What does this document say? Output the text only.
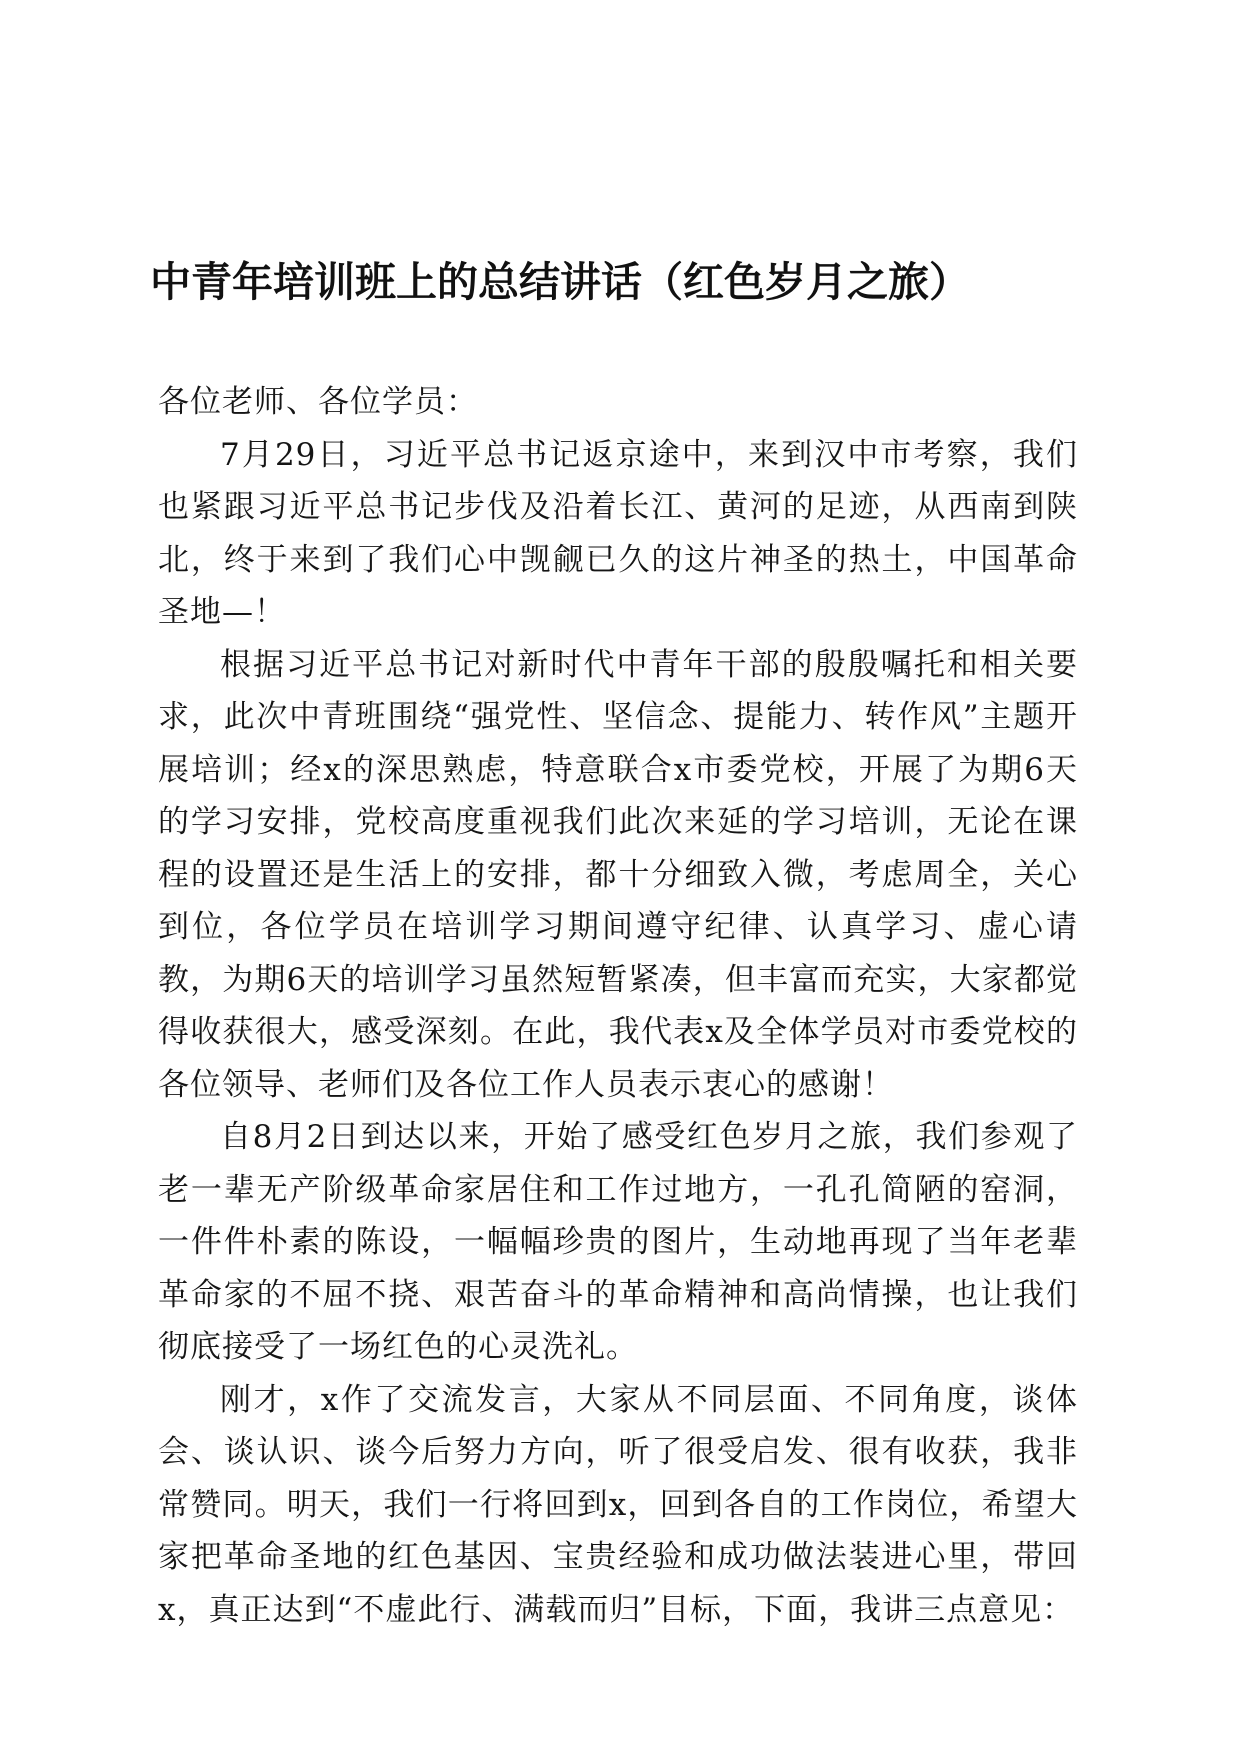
中青年培训班上的总结讲话（红色岁月之旅）

各位老师、各位学员：

7月29日，习近平总书记返京途中，来到汉中市考察，我们也紧跟习近平总书记步伐及沿着长江、黄河的足迹，从西南到陕北，终于来到了我们心中觊觎已久的这片神圣的热土，中国革命圣地—！

根据习近平总书记对新时代中青年干部的殷殷嘱托和相关要求，此次中青班围绕“强党性、坚信念、提能力、转作风”主题开展培训；经x的深思熟虑，特意联合x市委党校，开展了为期6天的学习安排，党校高度重视我们此次来延的学习培训，无论在课程的设置还是生活上的安排，都十分细致入微，考虑周全，关心到位，各位学员在培训学习期间遵守纪律、认真学习、虚心请教，为期6天的培训学习虽然短暂紧凑，但丰富而充实，大家都觉得收获很大，感受深刻。在此，我代表x及全体学员对市委党校的各位领导、老师们及各位工作人员表示衷心的感谢！

自8月2日到达以来，开始了感受红色岁月之旅，我们参观了老一辈无产阶级革命家居住和工作过地方，一孔孔简陋的窑洞，一件件朴素的陈设，一幅幅珍贵的图片，生动地再现了当年老辈革命家的不屈不挠、艰苦奋斗的革命精神和高尚情操，也让我们彻底接受了一场红色的心灵洗礼。

刚才，x作了交流发言，大家从不同层面、不同角度，谈体会、谈认识、谈今后努力方向，听了很受启发、很有收获，我非常赞同。明天，我们一行将回到x，回到各自的工作岗位，希望大家把革命圣地的红色基因、宝贵经验和成功做法装进心里，带回x，真正达到“不虚此行、满载而归”目标，下面，我讲三点意见：
